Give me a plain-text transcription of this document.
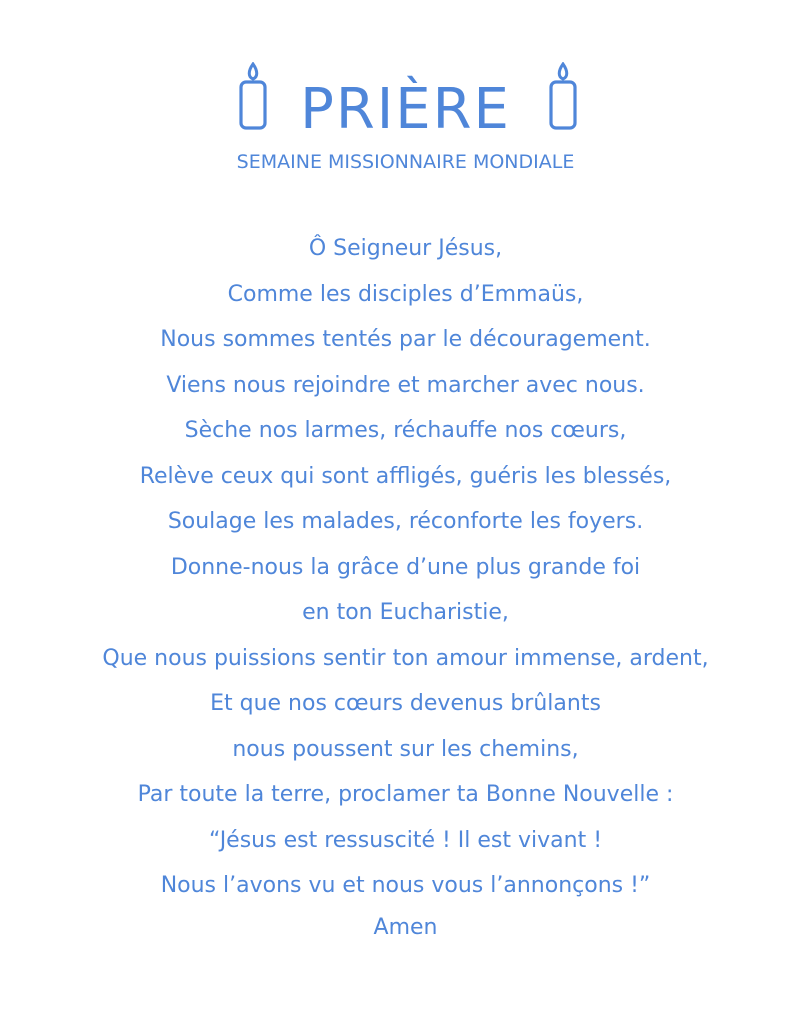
PRIÈRE
SEMAINE MISSIONNAIRE MONDIALE
Ô Seigneur Jésus,
Comme les disciples d’Emmaüs,
Nous sommes tentés par le découragement.
Viens nous rejoindre et marcher avec nous.
Sèche nos larmes, réchauffe nos cœurs,
Relève ceux qui sont affligés, guéris les blessés,
Soulage les malades, réconforte les foyers.
Donne-nous la grâce d’une plus grande foi
en ton Eucharistie,
Que nous puissions sentir ton amour immense, ardent,
Et que nos cœurs devenus brûlants
nous poussent sur les chemins,
Par toute la terre, proclamer ta Bonne Nouvelle :
“Jésus est ressuscité ! Il est vivant !
Nous l’avons vu et nous vous l’annonçons !”
Amen
